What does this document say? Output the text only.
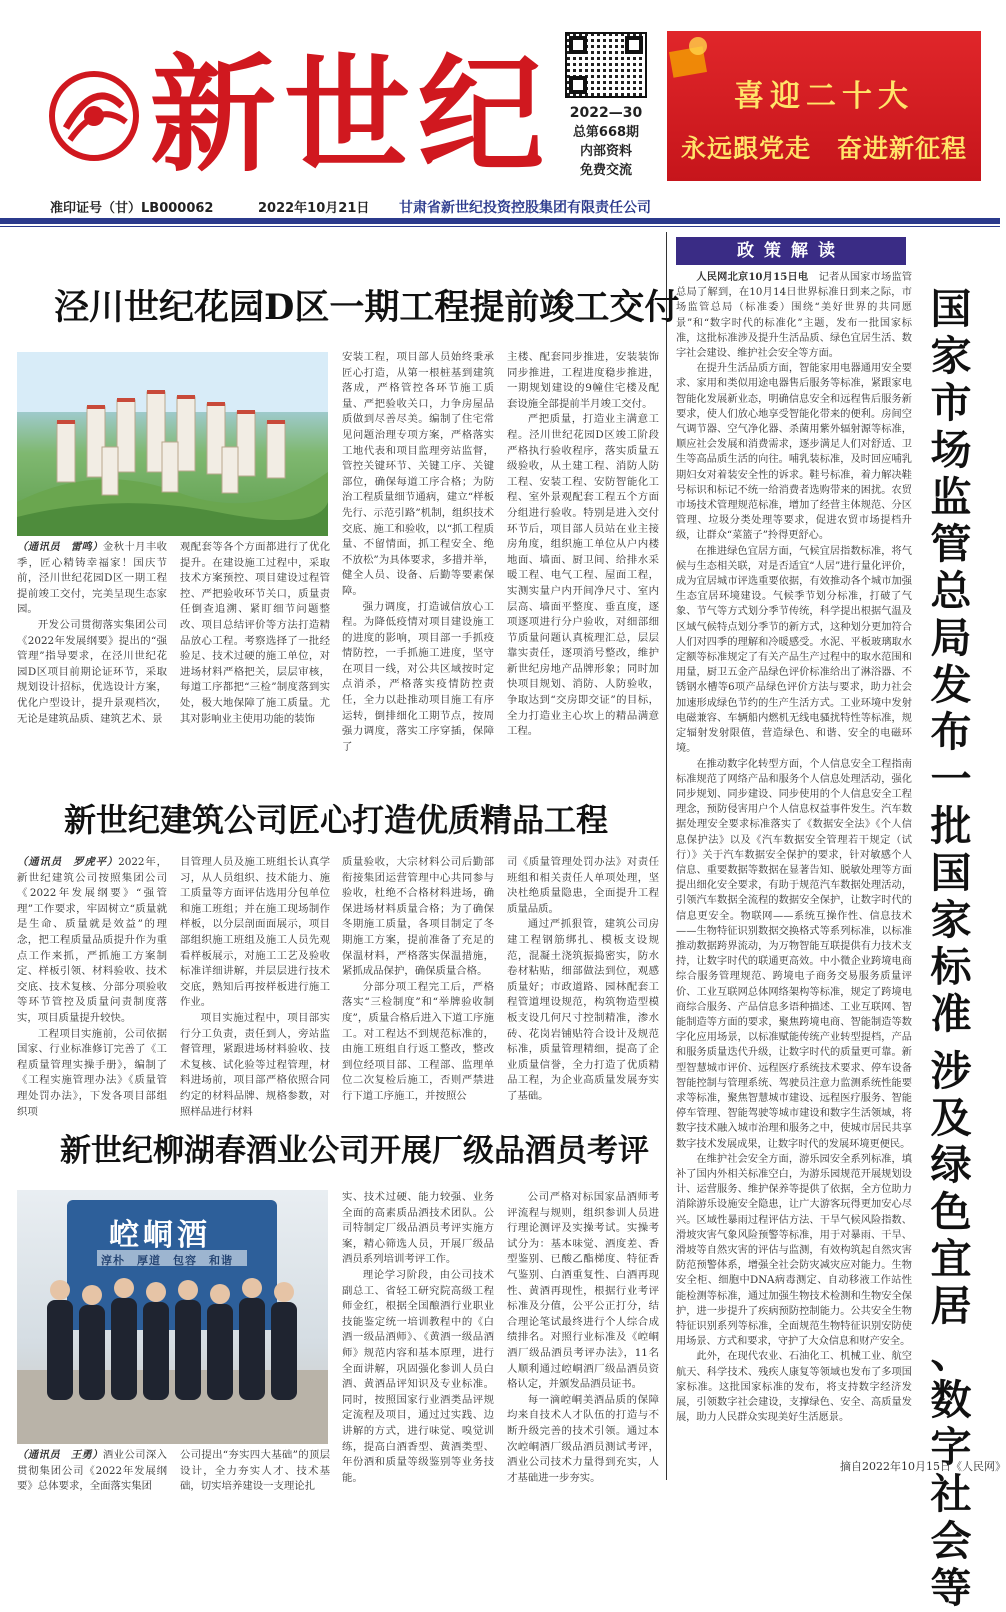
新世纪	2022—30
总第668期
内部资料
免费交流
喜迎二十大
永远跟党走　奋进新征程
准印证号（甘）LB000062	2022年10月21日 甘肃省新世纪投资控股集团有限责任公司
泾川世纪花园D区一期工程提前竣工交付

（通讯员　雷鸣）金秋十月丰收季，匠心精铸幸福家！国庆节前，泾川世纪花园D区一期工程提前竣工交付，完美呈现生态家园。

开发公司贯彻落实集团公司《2022年发展纲要》提出的“强管理”指导要求，在泾川世纪花园D区项目前期论证环节，采取规划设计招标，优选设计方案，优化户型设计，提升景观档次，无论是建筑品质、建筑艺术、景

观配套等各个方面都进行了优化提升。在建设施工过程中，采取技术方案预控、项目建设过程管控、严把验收环节关口，质量责任倒查追溯、紧盯细节问题整改、项目总结评价等方法打造精品放心工程。考察选择了一批经验足、技术过硬的施工单位，对进场材料严格把关，层层审核，每道工序都把“三检”制度落到实处，极大地保障了施工质量。尤其对影响业主使用功能的装饰

安装工程，项目部人员始终秉承匠心打造，从第一根桩基到建筑落成，严格管控各环节施工质量、严把验收关口，力争房屋品质做到尽善尽美。编制了住宅常见问题治理专项方案，严格落实工地代表和项目监理旁站监督，管控关键环节、关键工序、关键部位，确保每道工序合格；为防治工程质量细节通病，建立“样板先行、示范引路”机制，组织技术交底、施工和验收，以“抓工程质量、不留情面，抓工程安全、绝不放松”为具体要求，多措并举，健全人员、设备、后勤等要素保障。

强力调度，打造诚信放心工程。为降低疫情对项目建设施工的进度的影响，项目部一手抓疫情防控，一手抓施工进度，坚守在项目一线，对公共区域按时定点消杀，严格落实疫情防控责任，全力以赴推动项目施工有序运转，倒排细化工期节点，按周强力调度，落实工序穿插，保障了

主楼、配套同步推进，安装装饰同步推进，工程进度稳步推进，一期规划建设的9幢住宅楼及配套设施全部提前半月竣工交付。

严把质量，打造业主满意工程。泾川世纪花园D区竣工阶段严格执行验收程序，落实质量五级验收，从土建工程、消防人防工程、安装工程、安防智能化工程、室外景观配套工程五个方面分组进行验收。特别是进入交付环节后，项目部人员站在业主接房角度，组织施工单位从户内楼地面、墙面、厨卫间、给排水采暖工程、电气工程、屋面工程，实测实量户内开间净尺寸、室内层高、墙面平整度、垂直度，逐项逐项进行分户验收，对细部细节质量问题认真梳理汇总，层层靠实责任，逐项消号整改，维护新世纪房地产品牌形象；同时加快项目规划、消防、人防验收，争取达到“交房即交证”的目标，全力打造业主心坎上的精品满意工程。

新世纪建筑公司匠心打造优质精品工程

（通讯员　罗虎平）2022年，新世纪建筑公司按照集团公司《2022年发展纲要》“强管理”工作要求，牢固树立“质量就是生命、质量就是效益”的理念，把工程质量品质提升作为重点工作来抓，严抓施工方案制定、样板引领、材料验收、技术交底、技术复核、分部分项验收等环节管控及质量问责制度落实，项目质量提升较快。

工程项目实施前，公司依据国家、行业标准修订完善了《工程质量管理实操手册》，编制了《工程实施管理办法》《质量管理处罚办法》，下发各项目部组织项

目管理人员及施工班组长认真学习，从人员组织、技术能力、施工质量等方面评估选用分包单位和施工班组；并在施工现场制作样板，以分层剖面面展示，项目部组织施工班组及施工人员先观看样板展示，对施工工艺及验收标准详细讲解，并层层进行技术交底，熟知后再按样板进行施工作业。

项目实施过程中，项目部实行分工负责，责任到人，旁站监督管理，紧跟进场材料验收、技术复核、试化验等过程管理，材料进场前，项目部严格依照合同约定的材料品牌、规格参数，对照样品进行材料

质量验收，大宗材料公司后勤部衔接集团运营管理中心共同参与验收，杜绝不合格材料进场，确保进场材料质量合格；为了确保冬期施工质量，各项目制定了冬期施工方案，提前准备了充足的保温材料，严格落实保温措施，紧抓成品保护，确保质量合格。

分部分项工程完工后，严格落实“三检制度”和“举牌验收制度”，质量合格后进入下道工序施工。对工程达不到规范标准的，由施工班组自行返工整改，整改到位经项目部、工程部、监理单位二次复检后施工，否则严禁进行下道工序施工，并按照公

司《质量管理处罚办法》对责任班组和相关责任人单项处理，坚决杜绝质量隐患，全面提升工程质量品质。

通过严抓狠管，建筑公司房建工程钢筋绑扎、模板支设规范，混凝土浇筑振捣密实，防水卷材粘贴，细部做法到位，观感质量好；市政道路、园林配套工程管道埋设规范，构筑物造型模板支设几何尺寸控制精准，渗水砖、花岗岩铺贴符合设计及规范标准，质量管理精细，提高了企业质量信誉，全力打造了优质精品工程，为企业高质量发展夯实了基础。

新世纪柳湖春酒业公司开展厂级品酒员考评
崆峒酒
淳朴　厚道　包容　和谐

（通讯员　王勇）酒业公司深入贯彻集团公司《2022年发展纲要》总体要求，全面落实集团

公司提出“夯实四大基础”的顶层设计，全力夯实人才、技术基础，切实培养建设一支理论扎

实、技术过硬、能力较强、业务全面的高素质品酒技术团队。公司特制定厂级品酒员考评实施方案，精心筛选人员，开展厂级品酒员系列培训考评工作。

理论学习阶段，由公司技术副总工、省轻工研究院高级工程师金红，根据全国酿酒行业职业技能鉴定统一培训教程中的《白酒一级品酒师》、《黄酒一级品酒师》规范内容和基本原理，进行全面讲解，巩固强化参训人员白酒、黄酒品评知识及专业标准。同时，按照国家行业酒类品评规定流程及项目，通过过实践、边讲解的方式，进行味觉、嗅觉训练，提高白酒香型、黄酒类型、年份酒和质量等级鉴别等业务技能。

公司严格对标国家品酒师考评流程与规则，组织参训人员进行理论测评及实操考试。实操考试分为：基本味觉、酒度差、香型鉴别、已酸乙酯梯度、特征香气鉴别、白酒重复性、白酒再现性、黄酒再现性，根据行业考评标准及分值，公平公正打分，结合理论笔试最终进行个人综合成绩排名。对照行业标准及《崆峒酒厂级品酒员考评办法》，11名人顺利通过崆峒酒厂级品酒员资格认定，并颁发品酒员证书。

每一滴崆峒美酒品质的保障均来自技术人才队伍的打造与不断升级完善的技术引领。通过本次崆峒酒厂级品酒员测试考评，酒业公司技术力量得到充实，人才基础进一步夯实。

政策解读

人民网北京10月15日电　 记者从国家市场监管总局了解到，在10月14日世界标准日到来之际，市场监管总局（标准委）围绕“美好世界的共同愿景”和“数字时代的标准化”主题，发布一批国家标准，这批标准涉及提升生活品质、绿色宜居生活、数字社会建设、维护社会安全等方面。

在提升生活品质方面，智能家用电器通用安全要求、家用和类似用途电器售后服务等标准，紧跟家电智能化发展新业态，明确信息安全和远程售后服务新要求，使人们放心地享受智能化带来的便利。房间空气调节器、空气净化器、杀菌用紫外辐射源等标准，顺应社会发展和消费需求，逐步满足人们对舒适、卫生等高品质生活的向往。哺乳装标准，及时回应哺乳期妇女对着装安全性的诉求。鞋号标准，着力解决鞋号标识和标记不统一给消费者选购带来的困扰。农贸市场技术管理规范标准，增加了经营主体规范、分区管理、垃圾分类处理等要求，促进农贸市场提档升级，让群众“菜篮子”拎得更舒心。

在推进绿色宜居方面，气候宜居指数标准，将气候与生态相关联，对是否适宜“人居”进行量化评价，成为宜居城市评选重要依据，有效推动各个城市加强生态宜居环境建设。气候季节划分标准，打破了气象、节气等方式划分季节传统，科学提出根据气温及区域气候特点划分季节的新方式，这种划分更加符合人们对四季的理解和冷暖感受。水泥、平板玻璃取水定额等标准规定了有关产品生产过程中的取水范围和用量，厨卫五金产品绿色评价标准给出了淋浴器、不锈钢水槽等6项产品绿色评价方法与要求，助力社会加速形成绿色节约的生产生活方式。工业环境中发射电磁兼容、车辆船内燃机无线电骚扰特性等标准，规定辐射发射限值，营造绿色、和谐、安全的电磁环境。

在推动数字化转型方面，个人信息安全工程指南标准规范了网络产品和服务个人信息处理活动，强化同步规划、同步建设、同步使用的个人信息安全工程理念，预防侵害用户个人信息权益事件发生。汽车数据处理安全要求标准落实了《数据安全法》《个人信息保护法》以及《汽车数据安全管理若干规定（试行）》关于汽车数据安全保护的要求，针对敏感个人信息、重要数据等数据在显著告知、脱敏处理等方面提出细化安全要求，有助于规范汽车数据处理活动，引领汽车数据全流程的数据安全保护，让数字时代的信息更安全。物联网——系统互操作性、信息技术——生物特征识别数据交换格式等系列标准，以标准推动数据跨界流动，为万物智能互联提供有力技术支持，让数字时代的联通更高效。中小微企业跨境电商综合服务管理规范、跨境电子商务交易服务质量评价、工业互联网总体网络架构等标准，规定了跨境电商综合服务、产品信息多语种描述、工业互联网、智能制造等方面的要求，聚焦跨境电商、智能制造等数字化应用场景，以标准赋能传统产业转型提档，产品和服务质量迭代升级，让数字时代的质量更可靠。新型智慧城市评价、远程医疗系统技术要求、停车设备智能控制与管理系统、驾驶员注意力监测系统性能要求等标准，聚焦智慧城市建设、远程医疗服务、智能停车管理、智能驾驶等城市建设和数字生活领域，将数字技术融入城市治理和服务之中，使城市居民共享数字技术发展成果，让数字时代的发展环境更便民。

在维护社会安全方面，游乐园安全系列标准，填补了国内外相关标准空白，为游乐园规范开展规划设计、运营服务、维护保养等提供了依据，全方位助力消除游乐设施安全隐患，让广大游客玩得更加安心尽兴。区域性暴雨过程评估方法、干旱气候风险指数、滑坡灾害气象风险预警等标准，用于对暴雨、干旱、滑坡等自然灾害的评估与监测，有效构筑起自然灾害防范预警体系，增强全社会防灾减灾应对能力。生物安全柜、细胞中DNA病毒测定、自动移液工作站性能检测等标准，通过加强生物技术检测和生物安全保护，进一步提升了疾病预防控制能力。公共安全生物特征识别系列等标准，全面规范生物特征识别安防使用场景、方式和要求，守护了大众信息和财产安全。

此外，在现代农业、石油化工、机械工业、航空航天、科学技术、残疾人康复等领域也发布了多项国家标准。这批国家标准的发布，将支持数字经济发展，引领数字社会建设，支撑绿色、安全、高质量发展，助力人民群众实现美好生活愿景。

国
家
市
场
监
管
总
局
发
布
一
批
国
家
标
准
涉
及
绿
色
宜
居
、
数
字
社
会
等
摘自2022年10月15日《人民网》
